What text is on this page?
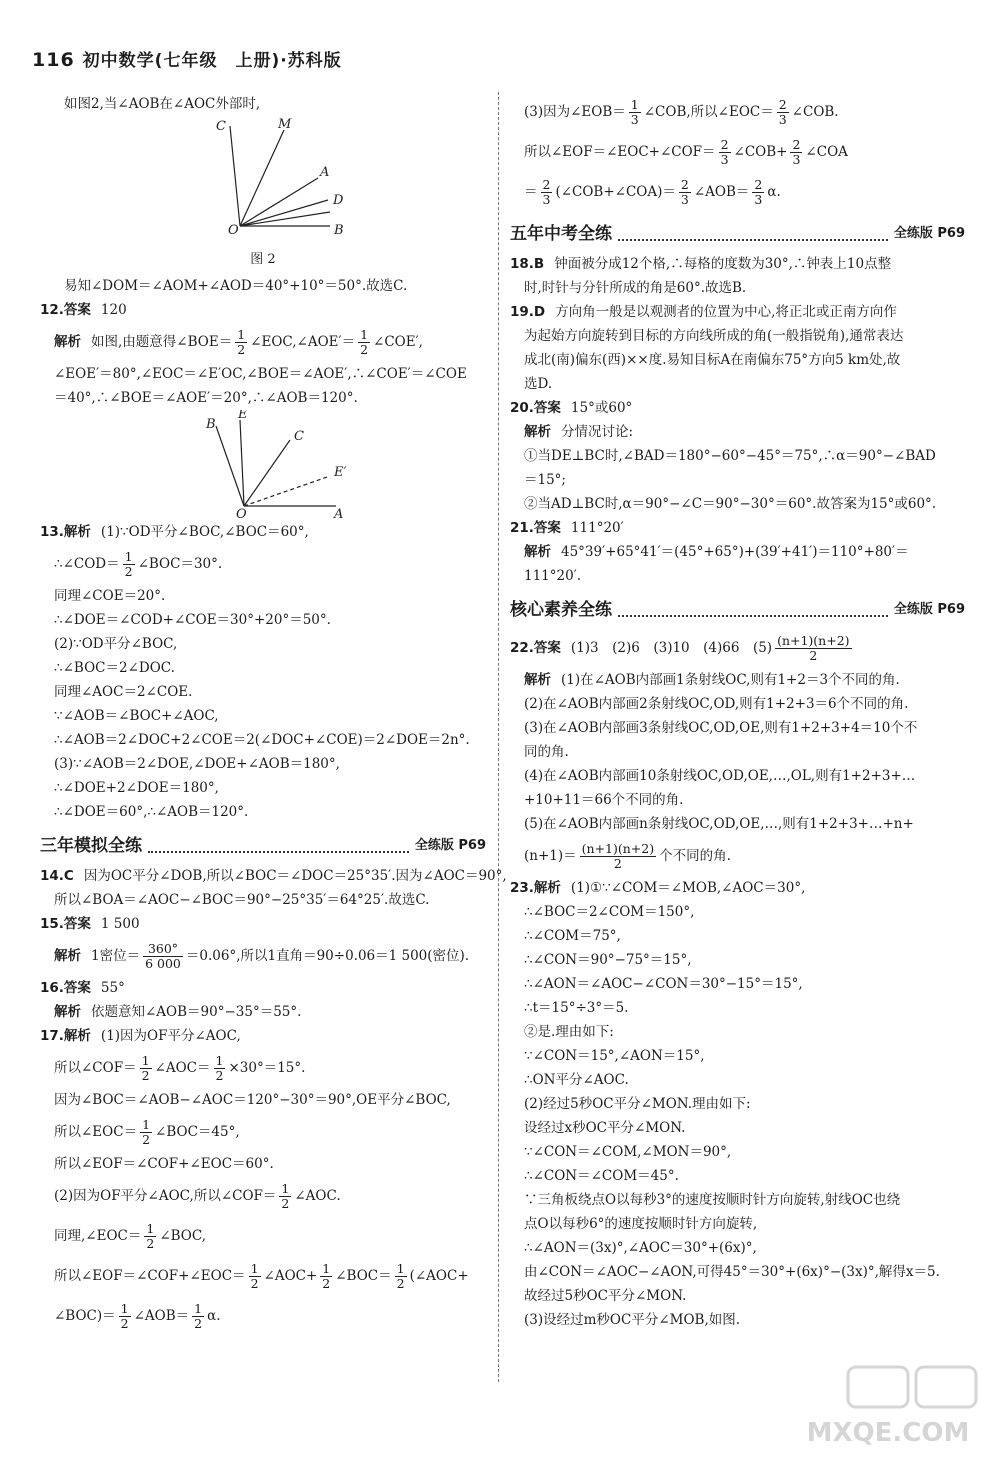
116 初中数学(七年级　上册)·苏科版

如图2,当∠AOB在∠AOC外部时,

C	M
A
D
O	B
图 2

易知∠DOM＝∠AOM+∠AOD＝40°+10°＝50°.故选C.

12.答案 120

解析 如图,由题意得∠BOE＝ $\frac{1}{2}$ ∠EOC,∠AOE′＝ $\frac{1}{2}$ ∠COE′,

∠EOE′＝80°,∠EOC＝∠E′OC,∠BOE＝∠AOE′,∴∠COE′＝∠COE

＝40°,∴∠BOE＝∠AOE′＝20°,∴∠AOB＝120°.

B
E
C
E′
O	A

13.解析 (1)∵OD平分∠BOC,∠BOC＝60°,

∴∠COD＝ $\frac{1}{2}$ ∠BOC＝30°.

同理∠COE＝20°.

∴∠DOE＝∠COD+∠COE＝30°+20°＝50°.

(2)∵OD平分∠BOC,

∴∠BOC＝2∠DOC.

同理∠AOC＝2∠COE.

∵∠AOB＝∠BOC+∠AOC,

∴∠AOB＝2∠DOC+2∠COE＝2(∠DOC+∠COE)＝2∠DOE＝2n°.

(3)∵∠AOB＝2∠DOE,∠DOE+∠AOB＝180°,

∴∠DOE+2∠DOE＝180°,

∴∠DOE＝60°,∴∠AOB＝120°.

三年模拟全练	全练版 P69

14.C 因为OC平分∠DOB,所以∠BOC＝∠DOC＝25°35′.因为∠AOC＝90°,

所以∠BOA＝∠AOC−∠BOC＝90°−25°35′＝64°25′.故选C.

15.答案 1 500

解析 1密位＝ $\frac{360^\circ}{6 000} =0.06^\circ$,所以1直角＝90÷0.06＝1 500(密位).

16.答案 55°

解析 依题意知∠AOB＝90°−35°＝55°.

17.解析 (1)因为OF平分∠AOC,

所以∠COF＝ $\frac{1}{2}$ ∠AOC＝ $\frac{1}{2} \times 30^\circ=15^\circ$.

因为∠BOC＝∠AOB−∠AOC＝120°−30°＝90°,OE平分∠BOC,

所以∠EOC＝ $\frac{1}{2}$ ∠BOC＝45°,

所以∠EOF＝∠COF+∠EOC＝60°.

(2)因为OF平分∠AOC,所以∠COF＝ $\frac{1}{2}$ ∠AOC.

同理,∠EOC＝ $\frac{1}{2}$ ∠BOC,

所以∠EOF＝∠COF+∠EOC＝ $\frac{1}{2}$ ∠AOC+ $\frac{1}{2}$ ∠BOC＝ $\frac{1}{2}$ (∠AOC+

∠BOC)＝ $\frac{1}{2}$ ∠AOB＝ $\frac{1}{2} \alpha$.

(3)因为∠EOB＝ $\frac{1}{3}$ ∠COB,所以∠EOC＝ $\frac{2}{3}$ ∠COB.

所以∠EOF＝∠EOC+∠COF＝ $\frac{2}{3}$ ∠COB+ $\frac{2}{3}$ ∠COA

＝ $\frac{2}{3}$ (∠COB+∠COA)＝ $\frac{2}{3}$ ∠AOB＝ $\frac{2}{3} \alpha$.

五年中考全练	全练版 P69

18.B 钟面被分成12个格,∴每格的度数为30°,∴钟表上10点整

时,时针与分针所成的角是60°.故选B.

19.D 方向角一般是以观测者的位置为中心,将正北或正南方向作

为起始方向旋转到目标的方向线所成的角(一般指锐角),通常表达

成北(南)偏东(西)××度.易知目标A在南偏东75°方向5 km处,故

选D.

20.答案 15°或60°

解析 分情况讨论:

①当DE⊥BC时,∠BAD＝180°−60°−45°＝75°,∴α＝90°−∠BAD

＝15°;

②当AD⊥BC时,α＝90°−∠C＝90°−30°＝60°.故答案为15°或60°.

21.答案 111°20′

解析 45°39′+65°41′＝(45°+65°)+(39′+41′)＝110°+80′＝

111°20′.

核心素养全练	全练版 P69

22.答案 (1)3　(2)6　(3)10　(4)66　$(5) \frac{(n+1)(n+2)}{2}$

解析 (1)在∠AOB内部画1条射线OC,则有1+2＝3个不同的角.

(2)在∠AOB内部画2条射线OC,OD,则有1+2+3＝6个不同的角.

(3)在∠AOB内部画3条射线OC,OD,OE,则有1+2+3+4＝10个不

同的角.

(4)在∠AOB内部画10条射线OC,OD,OE,…,OL,则有1+2+3+…

+10+11＝66个不同的角.

(5)在∠AOB内部画n条射线OC,OD,OE,…,则有1+2+3+…+n+

$(n+1)= \frac{(n+1)(n+2)}{2}$ 个不同的角.

23.解析 (1)①∵∠COM＝∠MOB,∠AOC＝30°,

∴∠BOC＝2∠COM＝150°,

∴∠COM＝75°,

∴∠CON＝90°−75°＝15°,

∴∠AON＝∠AOC−∠CON＝30°−15°＝15°,

∴t＝15°÷3°＝5.

②是.理由如下:

∵∠CON＝15°,∠AON＝15°,

∴ON平分∠AOC.

(2)经过5秒OC平分∠MON.理由如下:

设经过x秒OC平分∠MON.

∵∠CON＝∠COM,∠MON＝90°,

∴∠CON＝∠COM＝45°.

∵三角板绕点O以每秒3°的速度按顺时针方向旋转,射线OC也绕

点O以每秒6°的速度按顺时针方向旋转,

∴∠AON＝(3x)°,∠AOC＝30°+(6x)°,

由∠CON＝∠AOC−∠AON,可得45°＝30°+(6x)°−(3x)°,解得x＝5.

故经过5秒OC平分∠MON.

(3)设经过m秒OC平分∠MOB,如图.

MXQE.COM
